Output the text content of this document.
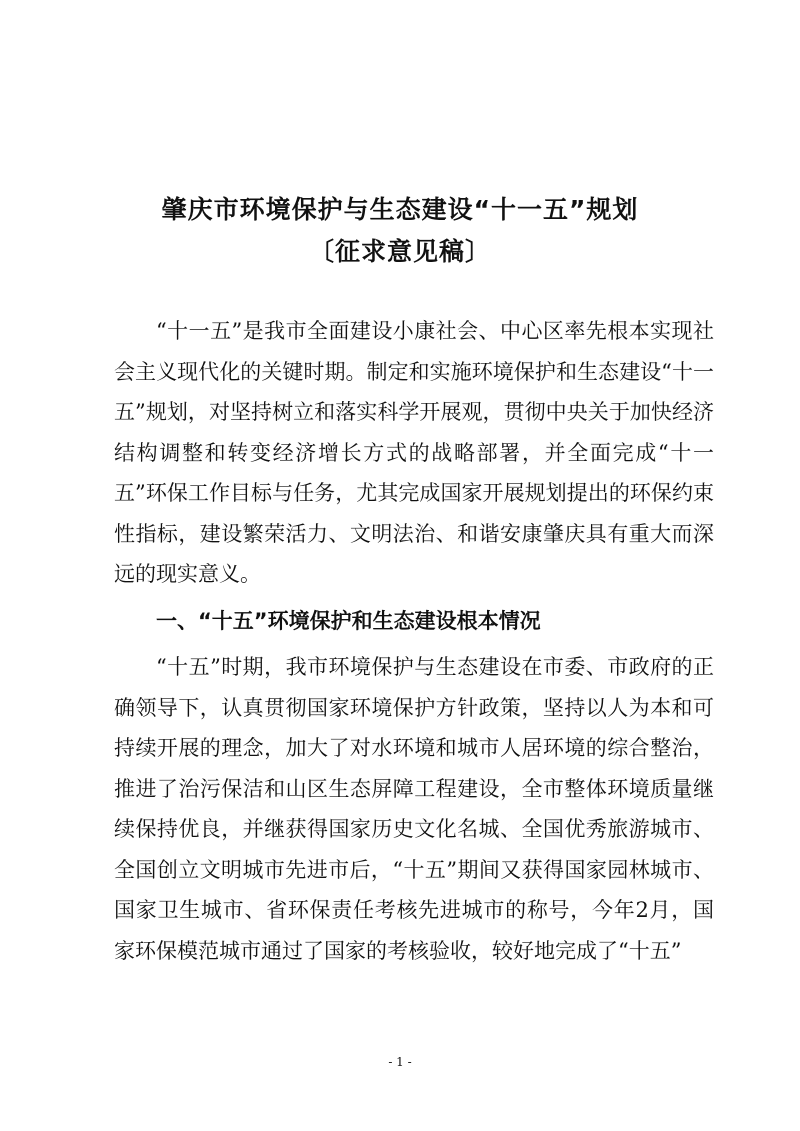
肇庆市环境保护与生态建设“十一五”规划
〔征求意见稿〕

“十一五”是我市全面建设小康社会、中心区率先根本实现社会主义现代化的关键时期。制定和实施环境保护和生态建设“十一五”规划，对坚持树立和落实科学开展观，贯彻中央关于加快经济结构调整和转变经济增长方式的战略部署，并全面完成“十一五”环保工作目标与任务，尤其完成国家开展规划提出的环保约束性指标，建设繁荣活力、文明法治、和谐安康肇庆具有重大而深远的现实意义。

一、“十五”环境保护和生态建设根本情况

“十五”时期，我市环境保护与生态建设在市委、市政府的正确领导下，认真贯彻国家环境保护方针政策，坚持以人为本和可持续开展的理念，加大了对水环境和城市人居环境的综合整治，推进了治污保洁和山区生态屏障工程建设，全市整体环境质量继续保持优良，并继获得国家历史文化名城、全国优秀旅游城市、全国创立文明城市先进市后，“十五”期间又获得国家园林城市、国家卫生城市、省环保责任考核先进城市的称号，今年2月，国家环保模范城市通过了国家的考核验收，较好地完成了“十五”

- 1 -
